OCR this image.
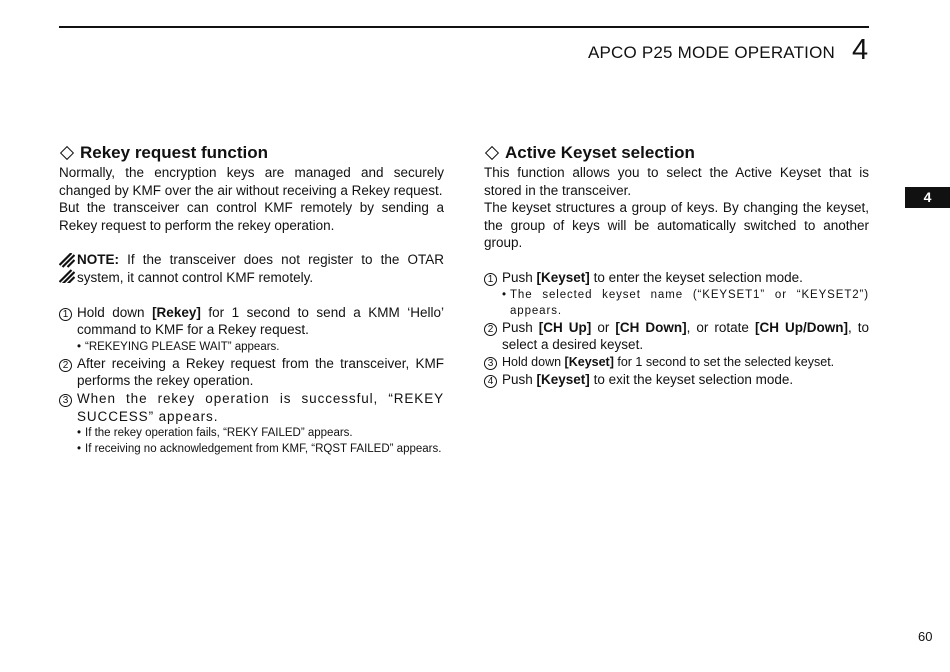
APCO P25 MODE OPERATION 4
4
Rekey request function
Normally, the encryption keys are managed and securely changed by KMF over the air without receiving a Rekey request.
But the transceiver can control KMF remotely by sending a Rekey request to perform the rekey operation.
NOTE: If the transceiver does not register to the OTAR system, it cannot control KMF remotely.
1 Hold down [Rekey] for 1 second to send a KMM ‘Hello’ command to KMF for a Rekey request.
• “REKEYING PLEASE WAIT” appears.
2 After receiving a Rekey request from the transceiver, KMF performs the rekey operation.
3 When the rekey operation is successful, “REKEY SUCCESS” appears.
• If the rekey operation fails, “REKY FAILED” appears.
• If receiving no acknowledgement from KMF, “RQST FAILED” appears.
Active Keyset selection
This function allows you to select the Active Keyset that is stored in the transceiver.
The keyset structures a group of keys. By changing the keyset, the group of keys will be automatically switched to another group.
1 Push [Keyset] to enter the keyset selection mode.
• The selected keyset name (“KEYSET1” or “KEYSET2”) appears.
2 Push [CH Up] or [CH Down], or rotate [CH Up/Down], to select a desired keyset.
3 Hold down [Keyset] for 1 second to set the selected keyset.
4 Push [Keyset] to exit the keyset selection mode.
60
